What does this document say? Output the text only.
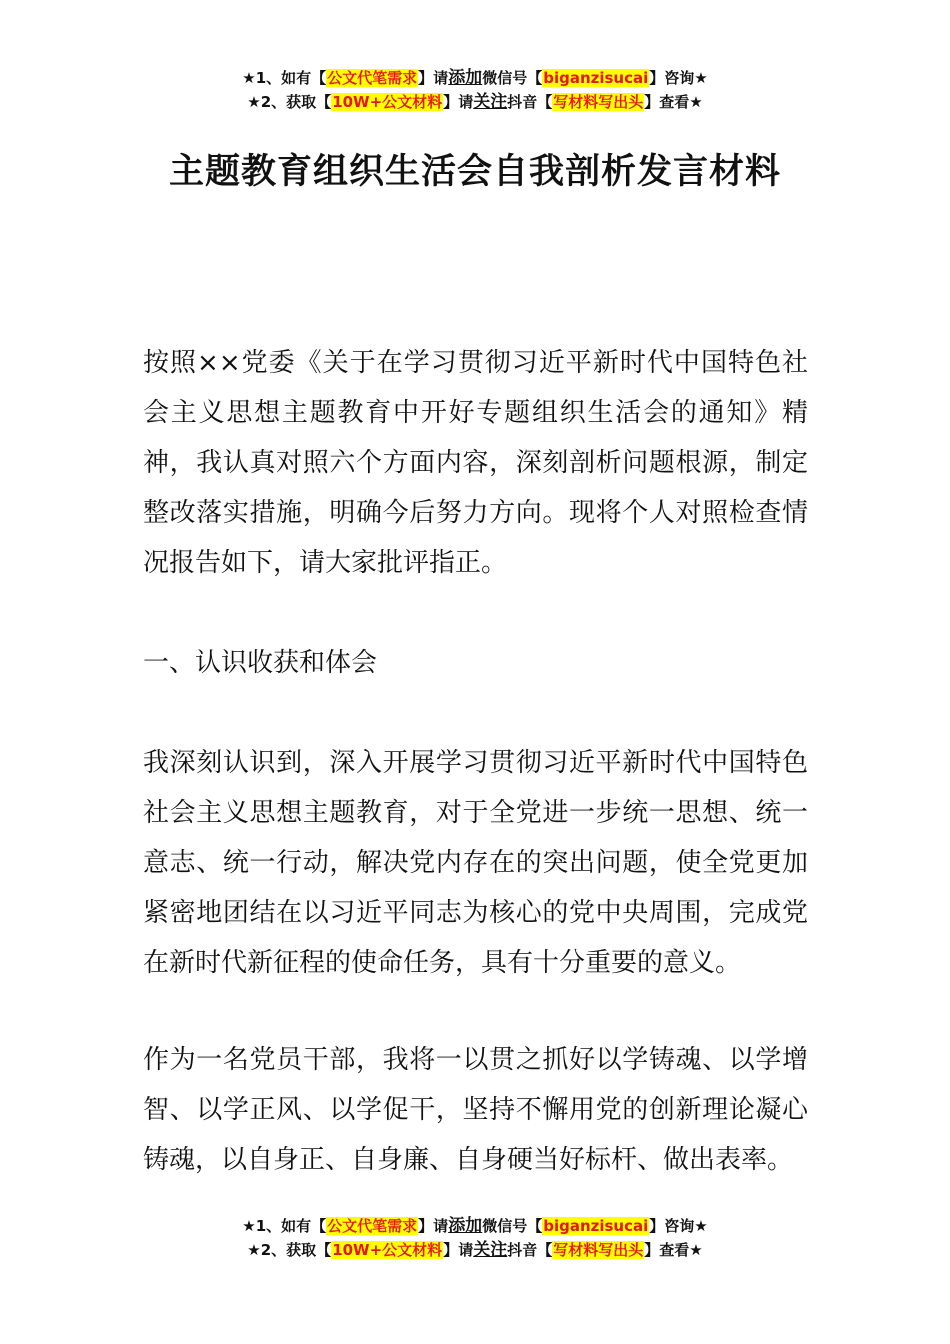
★1、如有【公文代笔需求】请添加微信号【biganzisucai】咨询★
★2、获取【10W+公文材料】请关注抖音【写材料写出头】查看★
主题教育组织生活会自我剖析发言材料

按照××党委《关于在学习贯彻习近平新时代中国特色社会主义思想主题教育中开好专题组织生活会的通知》精神，我认真对照六个方面内容，深刻剖析问题根源，制定整改落实措施，明确今后努力方向。现将个人对照检查情况报告如下，请大家批评指正。

一、认识收获和体会

我深刻认识到，深入开展学习贯彻习近平新时代中国特色社会主义思想主题教育，对于全党进一步统一思想、统一意志、统一行动，解决党内存在的突出问题，使全党更加紧密地团结在以习近平同志为核心的党中央周围，完成党在新时代新征程的使命任务，具有十分重要的意义。

作为一名党员干部，我将一以贯之抓好以学铸魂、以学增智、以学正风、以学促干，坚持不懈用党的创新理论凝心铸魂，以自身正、自身廉、自身硬当好标杆、做出表率。

★1、如有【公文代笔需求】请添加微信号【biganzisucai】咨询★
★2、获取【10W+公文材料】请关注抖音【写材料写出头】查看★
